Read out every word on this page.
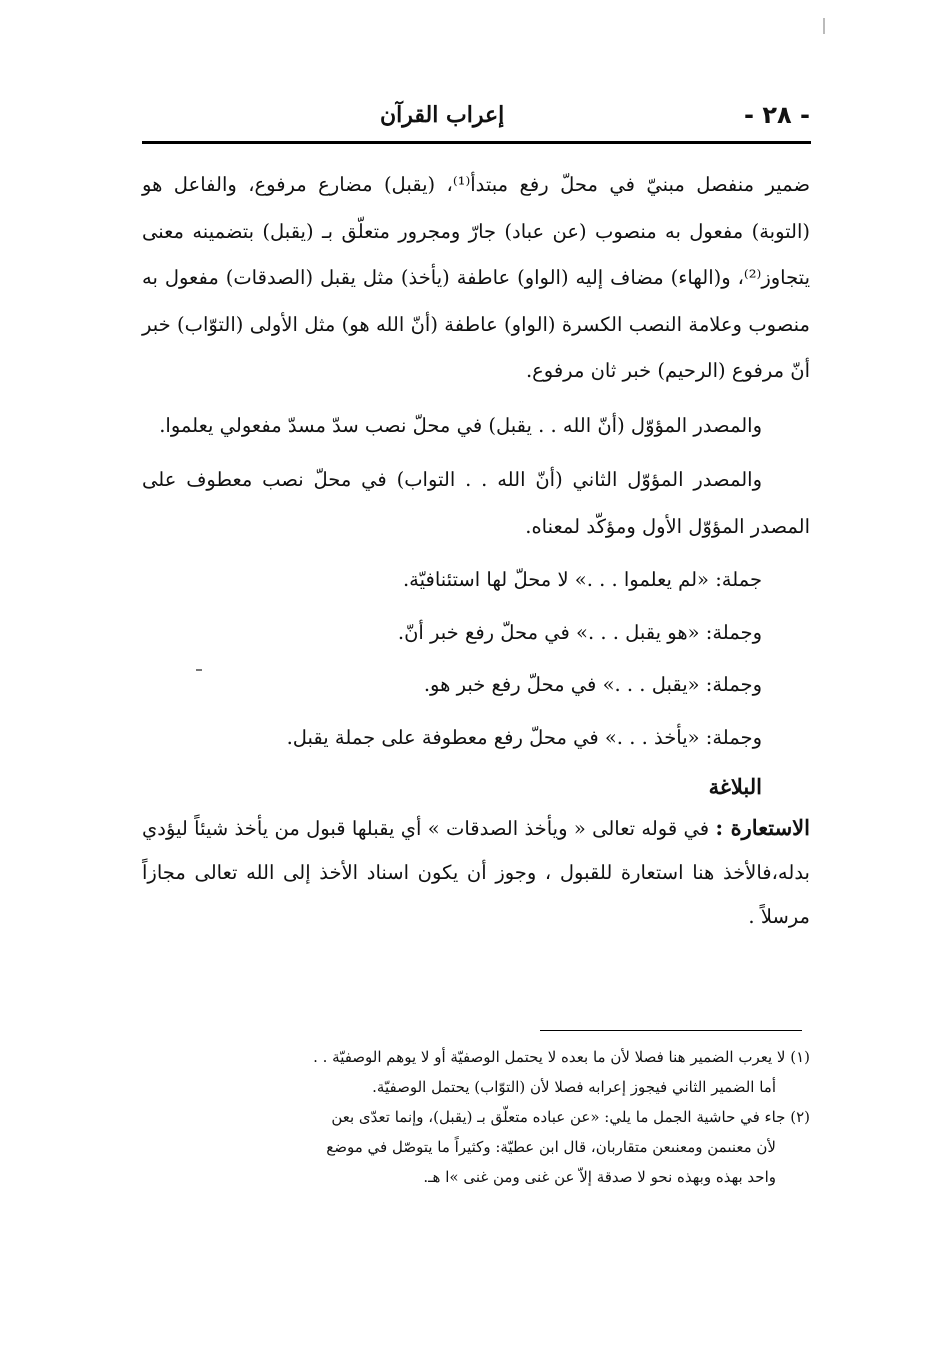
- ٢٨ -
إعراب القرآن

ضمير منفصل مبنيّ في محلّ رفع مبتدأ⁽¹⁾، (يقبل) مضارع مرفوع، والفاعل هو (التوبة) مفعول به منصوب (عن عباد) جارّ ومجرور متعلّق بـ (يقبل) بتضمينه معنى يتجاوز⁽²⁾، و(الهاء) مضاف إليه (الواو) عاطفة (يأخذ) مثل يقبل (الصدقات) مفعول به منصوب وعلامة النصب الكسرة (الواو) عاطفة (أنّ الله هو) مثل الأولى (التوّاب) خبر أنّ مرفوع (الرحيم) خبر ثان مرفوع.

والمصدر المؤوّل (أنّ الله . . يقبل) في محلّ نصب سدّ مسدّ مفعولي يعلموا.

والمصدر المؤوّل الثاني (أنّ الله . . التواب) في محلّ نصب معطوف على المصدر المؤوّل الأول ومؤكّد لمعناه.

جملة: «لم يعلموا . . .» لا محلّ لها استئنافيّة.
وجملة: «هو يقبل . . .» في محلّ رفع خبر أنّ.
وجملة: «يقبل . . .» في محلّ رفع خبر هو.
وجملة: «يأخذ . . .» في محلّ رفع معطوفة على جملة يقبل.
البلاغة

الاستعارة : في قوله تعالى « ويأخذ الصدقات » أي يقبلها قبول من يأخذ شيئاً ليؤدي بدله،فالأخذ هنا استعارة للقبول ، وجوز أن يكون اسناد الأخذ إلى الله تعالى مجازاً مرسلاً .

(١) لا يعرب الضمير هنا فصلا لأن ما بعده لا يحتمل الوصفيّة أو لا يوهم الوصفيّة . .

أما الضمير الثاني فيجوز إعرابه فصلا لأن (التوّاب) يحتمل الوصفيّة.

(٢) جاء في حاشية الجمل ما يلي: «عن عباده متعلّق بـ (يقبل)، وإنما تعدّى بعن

لأن معنىمن ومعنىعن متقاربان، قال ابن عطيّة: وكثيراً ما يتوصّل في موضع

واحد بهذه وبهذه نحو لا صدقة إلاّ عن غنى ومن غنى »ا هـ.
